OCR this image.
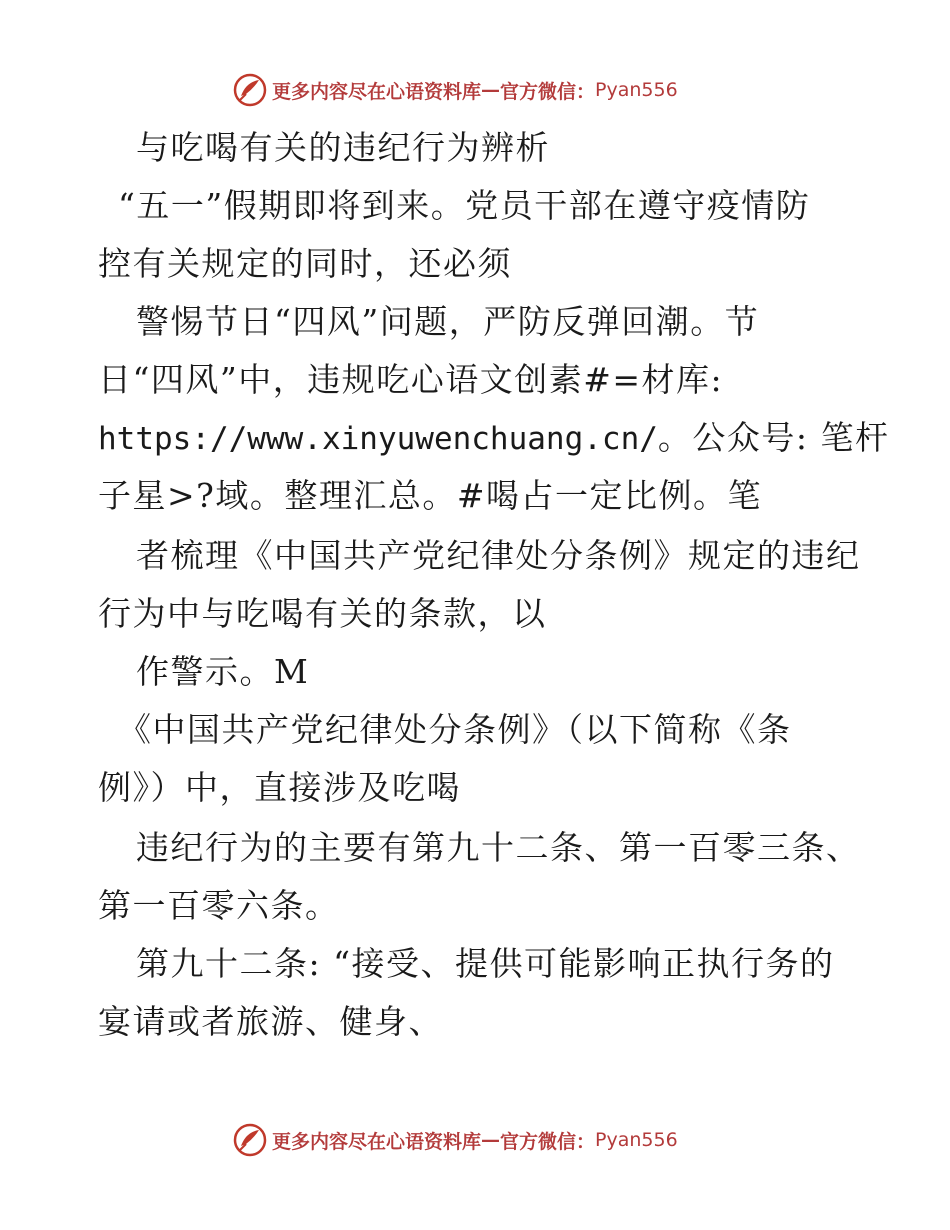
更多内容尽在心语资料库 — 官方微信： Pyan556
与吃喝有关的违纪行为辨析
“五一”假期即将到来。党员干部在遵守疫情防
控有关规定的同时，还必须
警惕节日“四风”问题，严防反弹回潮。节
日“四风”中，违规吃心语文创素#=材库:
https://www.xinyuwenchuang.cn/。公众号: 笔杆
子星>?域。整理汇总。#喝占一定比例。笔
者梳理《中国共产党纪律处分条例》规定的违纪
行为中与吃喝有关的条款，以
作警示。M
《中国共产党纪律处分条例》（以下简称《条
例》）中，直接涉及吃喝
违纪行为的主要有第九十二条、第一百零三条、
第一百零六条。
第九十二条: “接受、提供可能影响正执行务的
宴请或者旅游、健身、
更多内容尽在心语资料库 — 官方微信： Pyan556
